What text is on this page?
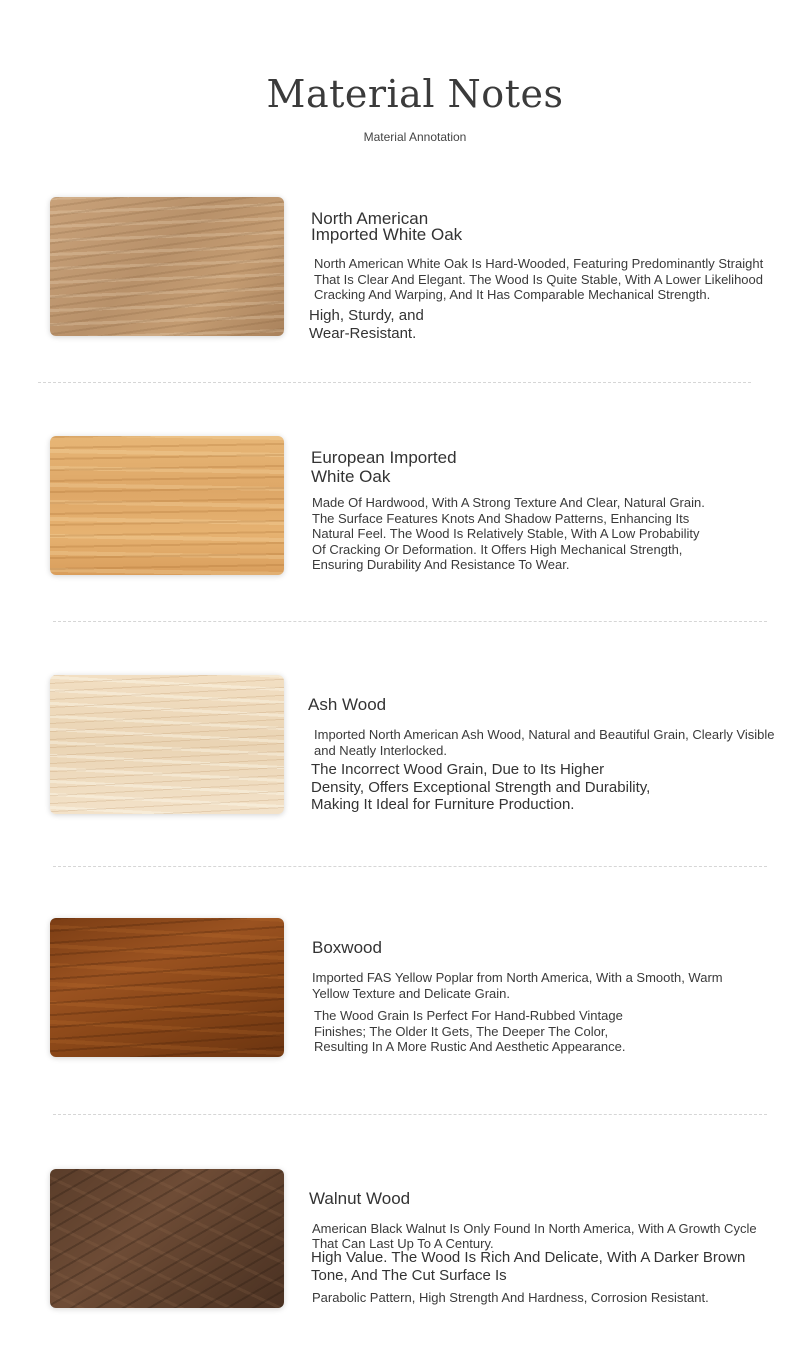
Material Notes
Material Annotation
North American
Imported White Oak
North American White Oak Is Hard-Wooded, Featuring Predominantly Straight
That Is Clear And Elegant. The Wood Is Quite Stable, With A Lower Likelihood
Cracking And Warping, And It Has Comparable Mechanical Strength.
High, Sturdy, and
Wear-Resistant.
European Imported
White Oak
Made Of Hardwood, With A Strong Texture And Clear, Natural Grain.
The Surface Features Knots And Shadow Patterns, Enhancing Its
Natural Feel. The Wood Is Relatively Stable, With A Low Probability
Of Cracking Or Deformation. It Offers High Mechanical Strength,
Ensuring Durability And Resistance To Wear.
Ash Wood
Imported North American Ash Wood, Natural and Beautiful Grain, Clearly Visible
and Neatly Interlocked.
The Incorrect Wood Grain, Due to Its Higher
Density, Offers Exceptional Strength and Durability,
Making It Ideal for Furniture Production.
Boxwood
Imported FAS Yellow Poplar from North America, With a Smooth, Warm
Yellow Texture and Delicate Grain.
The Wood Grain Is Perfect For Hand-Rubbed Vintage
Finishes; The Older It Gets, The Deeper The Color,
Resulting In A More Rustic And Aesthetic Appearance.
Walnut Wood
American Black Walnut Is Only Found In North America, With A Growth Cycle
That Can Last Up To A Century.
High Value. The Wood Is Rich And Delicate, With A Darker Brown
Tone, And The Cut Surface Is
Parabolic Pattern, High Strength And Hardness, Corrosion Resistant.
